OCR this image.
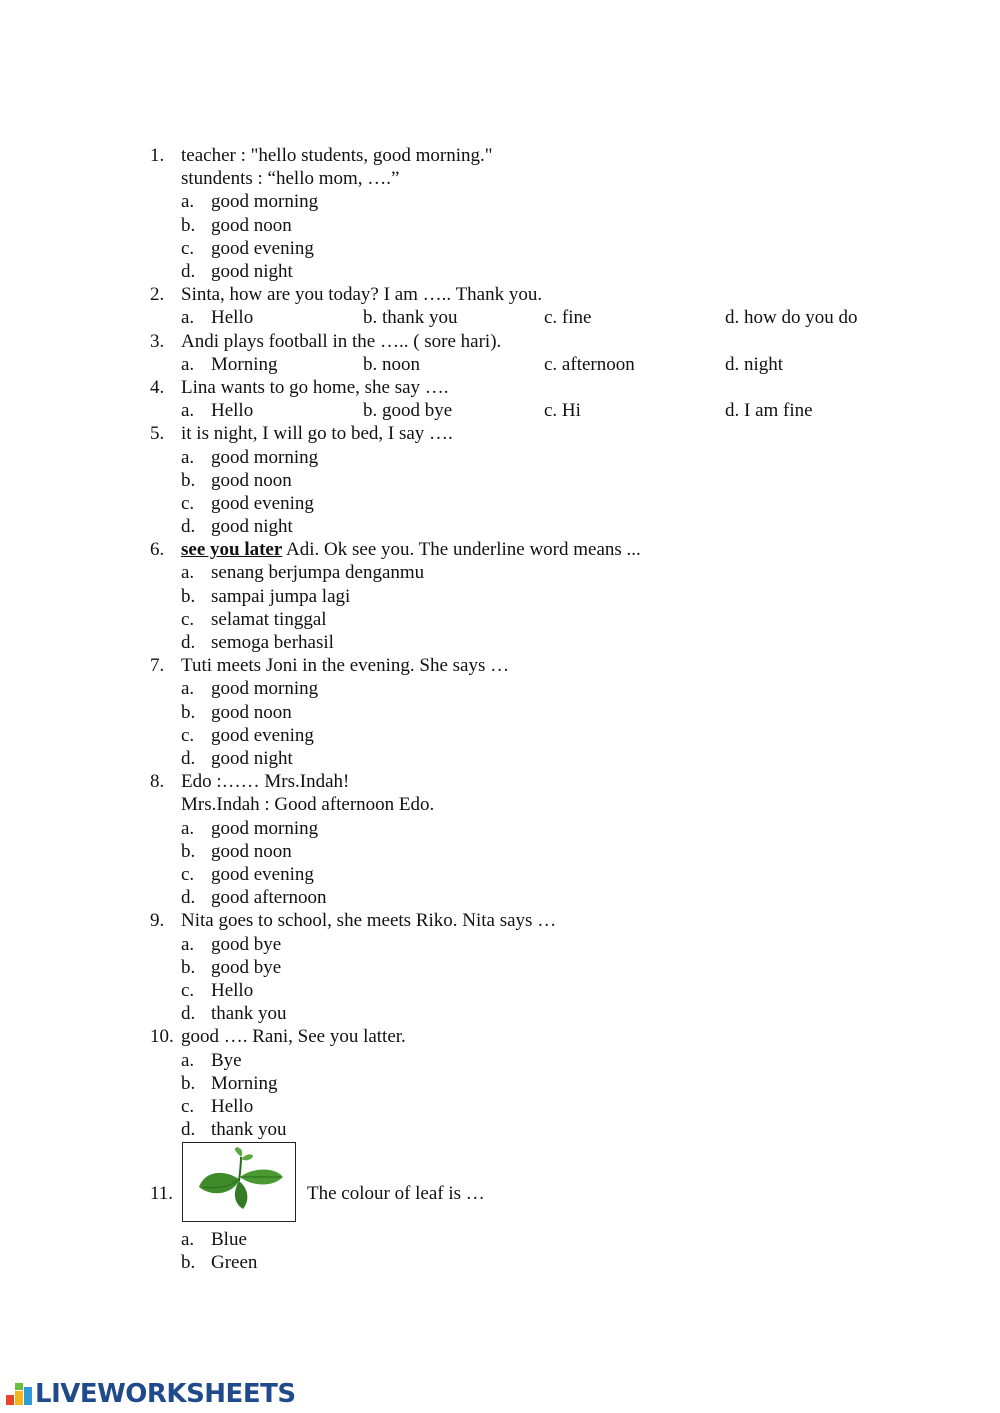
1. teacher : "hello students, good morning."
stundents : “hello mom, ….”
a. good morning
b. good noon
c. good evening
d. good night
2. Sinta, how are you today? I am ….. Thank you.
a. Hello	b. thank you	c. fine	d. how do you do
3. Andi plays football in the ….. ( sore hari).
a. Morning	b. noon	c. afternoon	d. night
4. Lina wants to go home, she say ….
a. Hello	b. good bye	c. Hi	d. I am fine
5. it is night, I will go to bed, I say ….
a. good morning
b. good noon
c. good evening
d. good night
6. see you later Adi. Ok see you. The underline word means ...
a. senang berjumpa denganmu
b. sampai jumpa lagi
c. selamat tinggal
d. semoga berhasil
7. Tuti meets Joni in the evening. She says …
a. good morning
b. good noon
c. good evening
d. good night
8. Edo :…… Mrs.Indah!
Mrs.Indah : Good afternoon Edo.
a. good morning
b. good noon
c. good evening
d. good afternoon
9. Nita goes to school, she meets Riko. Nita says …
a. good bye
b. good bye
c. Hello
d. thank you
10. good …. Rani, See you latter.
a. Bye
b. Morning
c. Hello
d. thank you
11.	The colour of leaf is …
a. Blue
b. Green
LIVEWORKSHEETS
